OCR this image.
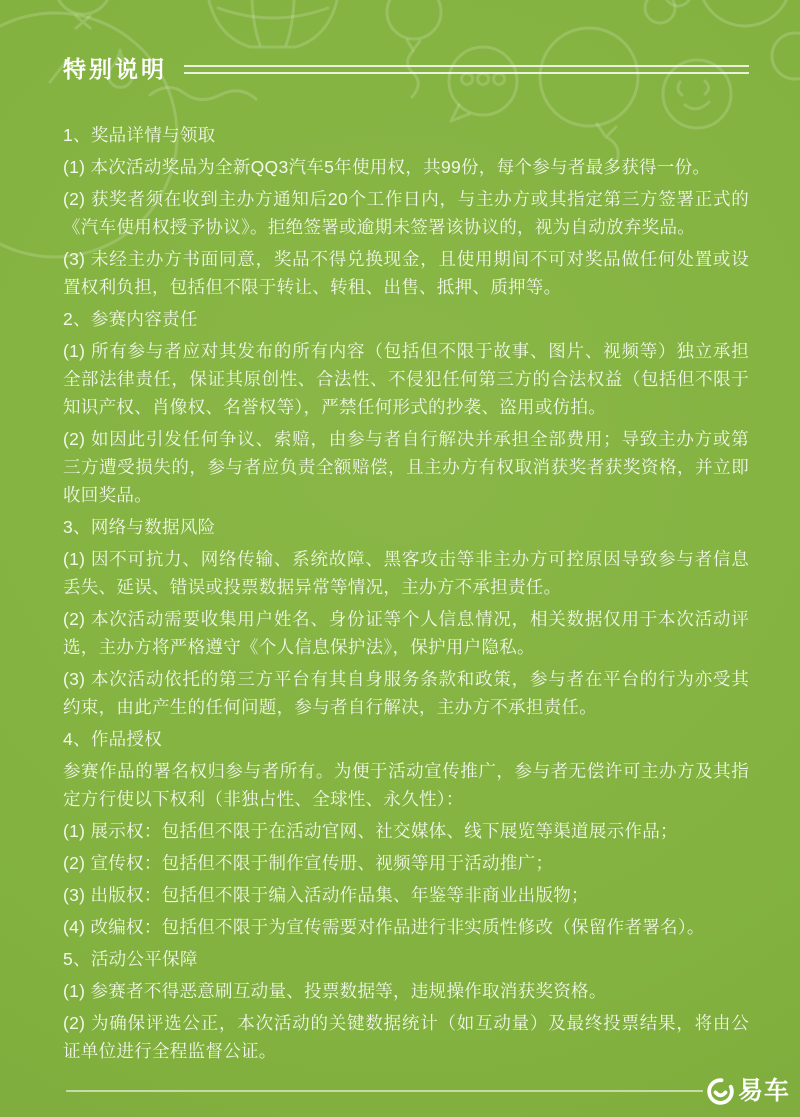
特别说明
1、奖品详情与领取

(1) 本次活动奖品为全新QQ3汽车5年使用权，共99份，每个参与者最多获得一份。

(2) 获奖者须在收到主办方通知后20个工作日内，与主办方或其指定第三方签署正式的《汽车使用权授予协议》。拒绝签署或逾期未签署该协议的，视为自动放弃奖品。

(3) 未经主办方书面同意，奖品不得兑换现金，且使用期间不可对奖品做任何处置或设置权利负担，包括但不限于转让、转租、出售、抵押、质押等。

2、参赛内容责任

(1) 所有参与者应对其发布的所有内容（包括但不限于故事、图片、视频等）独立承担全部法律责任，保证其原创性、合法性、不侵犯任何第三方的合法权益（包括但不限于知识产权、肖像权、名誉权等），严禁任何形式的抄袭、盗用或仿拍。

(2) 如因此引发任何争议、索赔，由参与者自行解决并承担全部费用；导致主办方或第三方遭受损失的，参与者应负责全额赔偿，且主办方有权取消获奖者获奖资格，并立即收回奖品。

3、网络与数据风险

(1) 因不可抗力、网络传输、系统故障、黑客攻击等非主办方可控原因导致参与者信息丢失、延误、错误或投票数据异常等情况，主办方不承担责任。

(2) 本次活动需要收集用户姓名、身份证等个人信息情况，相关数据仅用于本次活动评选，主办方将严格遵守《个人信息保护法》，保护用户隐私。

(3) 本次活动依托的第三方平台有其自身服务条款和政策，参与者在平台的行为亦受其约束，由此产生的任何问题，参与者自行解决，主办方不承担责任。

4、作品授权

参赛作品的署名权归参与者所有。为便于活动宣传推广，参与者无偿许可主办方及其指定方行使以下权利（非独占性、全球性、永久性）：

(1) 展示权：包括但不限于在活动官网、社交媒体、线下展览等渠道展示作品；

(2) 宣传权：包括但不限于制作宣传册、视频等用于活动推广；

(3) 出版权：包括但不限于编入活动作品集、年鉴等非商业出版物；

(4) 改编权：包括但不限于为宣传需要对作品进行非实质性修改（保留作者署名）。

5、活动公平保障

(1) 参赛者不得恶意刷互动量、投票数据等，违规操作取消获奖资格。

(2) 为确保评选公正，本次活动的关键数据统计（如互动量）及最终投票结果，将由公证单位进行全程监督公证。

易车
